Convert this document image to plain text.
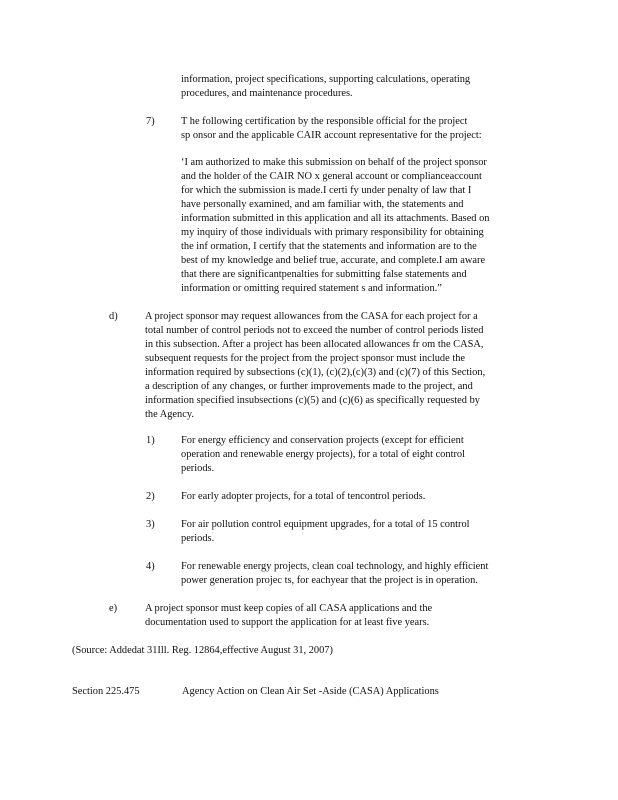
information, project specifications, supporting calculations, operating
procedures, and maintenance procedures.
7)	T he following certification by the responsible official for the project
sp onsor and the applicable CAIR account representative for the project:
‘I am authorized to make this submission on behalf of the project sponsor
and the holder of the CAIR NO x general account or complianceaccount
for which the submission is made.I certi fy under penalty of law that I
have personally examined, and am familiar with, the statements and
information submitted in this application and all its attachments. Based on
my inquiry of those individuals with primary responsibility for obtaining
the inf ormation, I certify that the statements and information are to the
best of my knowledge and belief true, accurate, and complete.I am aware
that there are significantpenalties for submitting false statements and
information or omitting required statement s and information.”
d)	A project sponsor may request allowances from the CASA for each project for a
total number of control periods not to exceed the number of control periods listed
in this subsection. After a project has been allocated allowances fr om the CASA,
subsequent requests for the project from the project sponsor must include the
information required by subsections (c)(1), (c)(2),(c)(3) and (c)(7) of this Section,
a description of any changes, or further improvements made to the project, and
information specified insubsections (c)(5) and (c)(6) as specifically requested by
the Agency.
1)	For energy efficiency and conservation projects (except for efficient
operation and renewable energy projects), for a total of eight control
periods.
2)	For early adopter projects, for a total of tencontrol periods.
3)	For air pollution control equipment upgrades, for a total of 15 control
periods.
4)	For renewable energy projects, clean coal technology, and highly efficient
power generation projec ts, for eachyear that the project is in operation.
e)	A project sponsor must keep copies of all CASA applications and the
documentation used to support the application for at least five years.
(Source: Addedat 31Ill. Reg. 12864,effective August 31, 2007)
Section 225.475	Agency Action on Clean Air Set -Aside (CASA) Applications
